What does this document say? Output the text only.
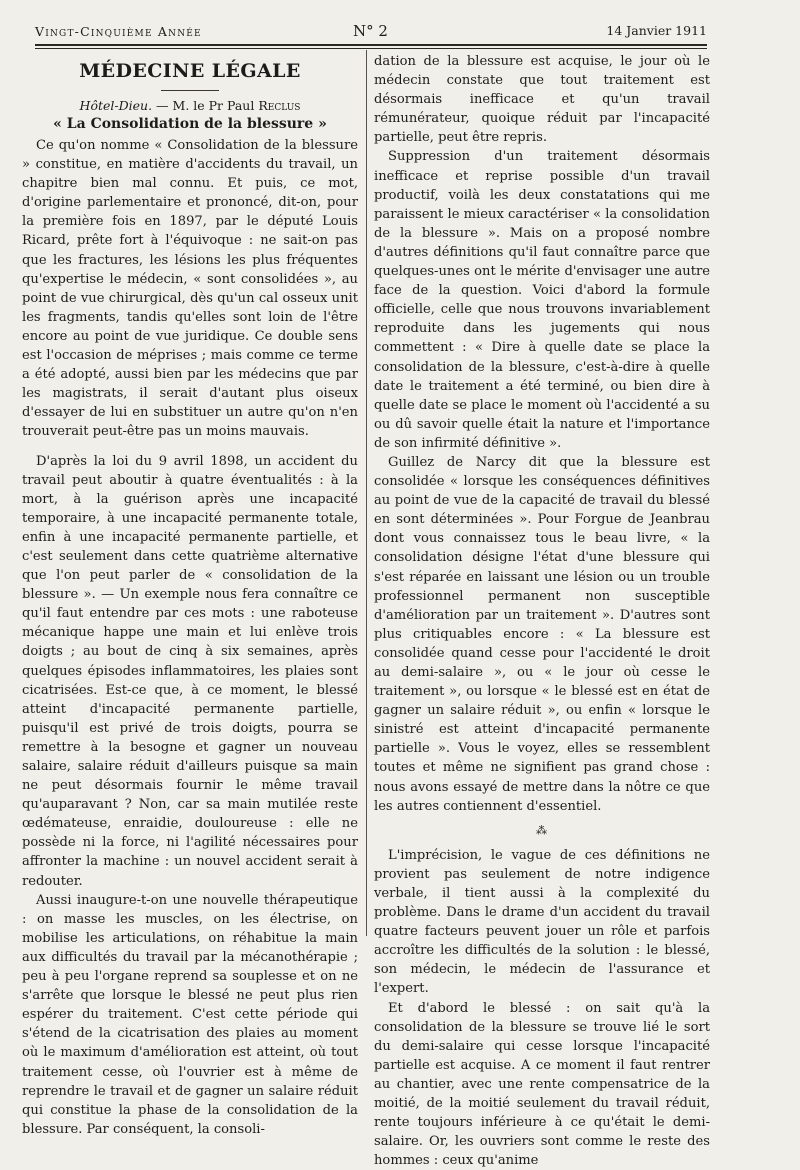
Vingt-Cinquième Année	N° 2	14 Janvier 1911
MÉDECINE LÉGALE
Hôtel-Dieu. — M. le Pr Paul Reclus
« La Consolidation de la blessure »

Ce qu'on nomme « Consolidation de la blessure » constitue, en matière d'accidents du travail, un chapitre bien mal connu. Et puis, ce mot, d'origine parlementaire et prononcé, dit-on, pour la première fois en 1897, par le député Louis Ricard, prête fort à l'équivoque : ne sait-on pas que les fractures, les lésions les plus fréquentes qu'expertise le médecin, « sont consolidées », au point de vue chirurgical, dès qu'un cal osseux unit les fragments, tandis qu'elles sont loin de l'être encore au point de vue juridique. Ce double sens est l'occasion de méprises ; mais comme ce terme a été adopté, aussi bien par les médecins que par les magistrats, il serait d'autant plus oiseux d'essayer de lui en substituer un autre qu'on n'en trouverait peut-être pas un moins mauvais.

D'après la loi du 9 avril 1898, un accident du travail peut aboutir à quatre éventualités : à la mort, à la guérison après une incapacité temporaire, à une incapacité permanente totale, enfin à une incapacité permanente partielle, et c'est seulement dans cette quatrième alternative que l'on peut parler de « consolidation de la blessure ». — Un exemple nous fera connaître ce qu'il faut entendre par ces mots : une raboteuse mécanique happe une main et lui enlève trois doigts ; au bout de cinq à six semaines, après quelques épisodes inflammatoires, les plaies sont cicatrisées. Est-ce que, à ce moment, le blessé atteint d'incapacité permanente partielle, puisqu'il est privé de trois doigts, pourra se remettre à la besogne et gagner un nouveau salaire, salaire réduit d'ailleurs puisque sa main ne peut désormais fournir le même travail qu'auparavant ? Non, car sa main mutilée reste œdémateuse, enraidie, douloureuse : elle ne possède ni la force, ni l'agilité nécessaires pour affronter la machine : un nouvel accident serait à redouter.

Aussi inaugure-t-on une nouvelle thérapeutique : on masse les muscles, on les électrise, on mobilise les articulations, on réhabitue la main aux difficultés du travail par la mécanothérapie ; peu à peu l'organe reprend sa souplesse et on ne s'arrête que lorsque le blessé ne peut plus rien espérer du traitement. C'est cette période qui s'étend de la cicatrisation des plaies au moment où le maximum d'amélioration est atteint, où tout traitement cesse, où l'ouvrier est à même de reprendre le travail et de gagner un salaire réduit qui constitue la phase de la consolidation de la blessure. Par conséquent, la consoli-

dation de la blessure est acquise, le jour où le médecin constate que tout traitement est désormais inefficace et qu'un travail rémunérateur, quoique réduit par l'incapacité partielle, peut être repris.

Suppression d'un traitement désormais inefficace et reprise possible d'un travail productif, voilà les deux constatations qui me paraissent le mieux caractériser « la consolidation de la blessure ». Mais on a proposé nombre d'autres définitions qu'il faut connaître parce que quelques-unes ont le mérite d'envisager une autre face de la question. Voici d'abord la formule officielle, celle que nous trouvons invariablement reproduite dans les jugements qui nous commettent : « Dire à quelle date se place la consolidation de la blessure, c'est-à-dire à quelle date le traitement a été terminé, ou bien dire à quelle date se place le moment où l'accidenté a su ou dû savoir quelle était la nature et l'importance de son infirmité définitive ».

Guillez de Narcy dit que la blessure est consolidée « lorsque les conséquences définitives au point de vue de la capacité de travail du blessé en sont déterminées ». Pour Forgue de Jeanbrau dont vous connaissez tous le beau livre, « la consolidation désigne l'état d'une blessure qui s'est réparée en laissant une lésion ou un trouble professionnel permanent non susceptible d'amélioration par un traitement ». D'autres sont plus critiquables encore : « La blessure est consolidée quand cesse pour l'accidenté le droit au demi-salaire », ou « le jour où cesse le traitement », ou lorsque « le blessé est en état de gagner un salaire réduit », ou enfin « lorsque le sinistré est atteint d'incapacité permanente partielle ». Vous le voyez, elles se ressemblent toutes et même ne signifient pas grand chose : nous avons essayé de mettre dans la nôtre ce que les autres contiennent d'essentiel.

⁂

L'imprécision, le vague de ces définitions ne provient pas seulement de notre indigence verbale, il tient aussi à la complexité du problème. Dans le drame d'un accident du travail quatre facteurs peuvent jouer un rôle et parfois accroître les difficultés de la solution : le blessé, son médecin, le médecin de l'assurance et l'expert.

Et d'abord le blessé : on sait qu'à la consolidation de la blessure se trouve lié le sort du demi-salaire qui cesse lorsque l'incapacité partielle est acquise. A ce moment il faut rentrer au chantier, avec une rente compensatrice de la moitié, de la moitié seulement du travail réduit, rente toujours inférieure à ce qu'était le demi-salaire. Or, les ouvriers sont comme le reste des hommes : ceux qu'anime
